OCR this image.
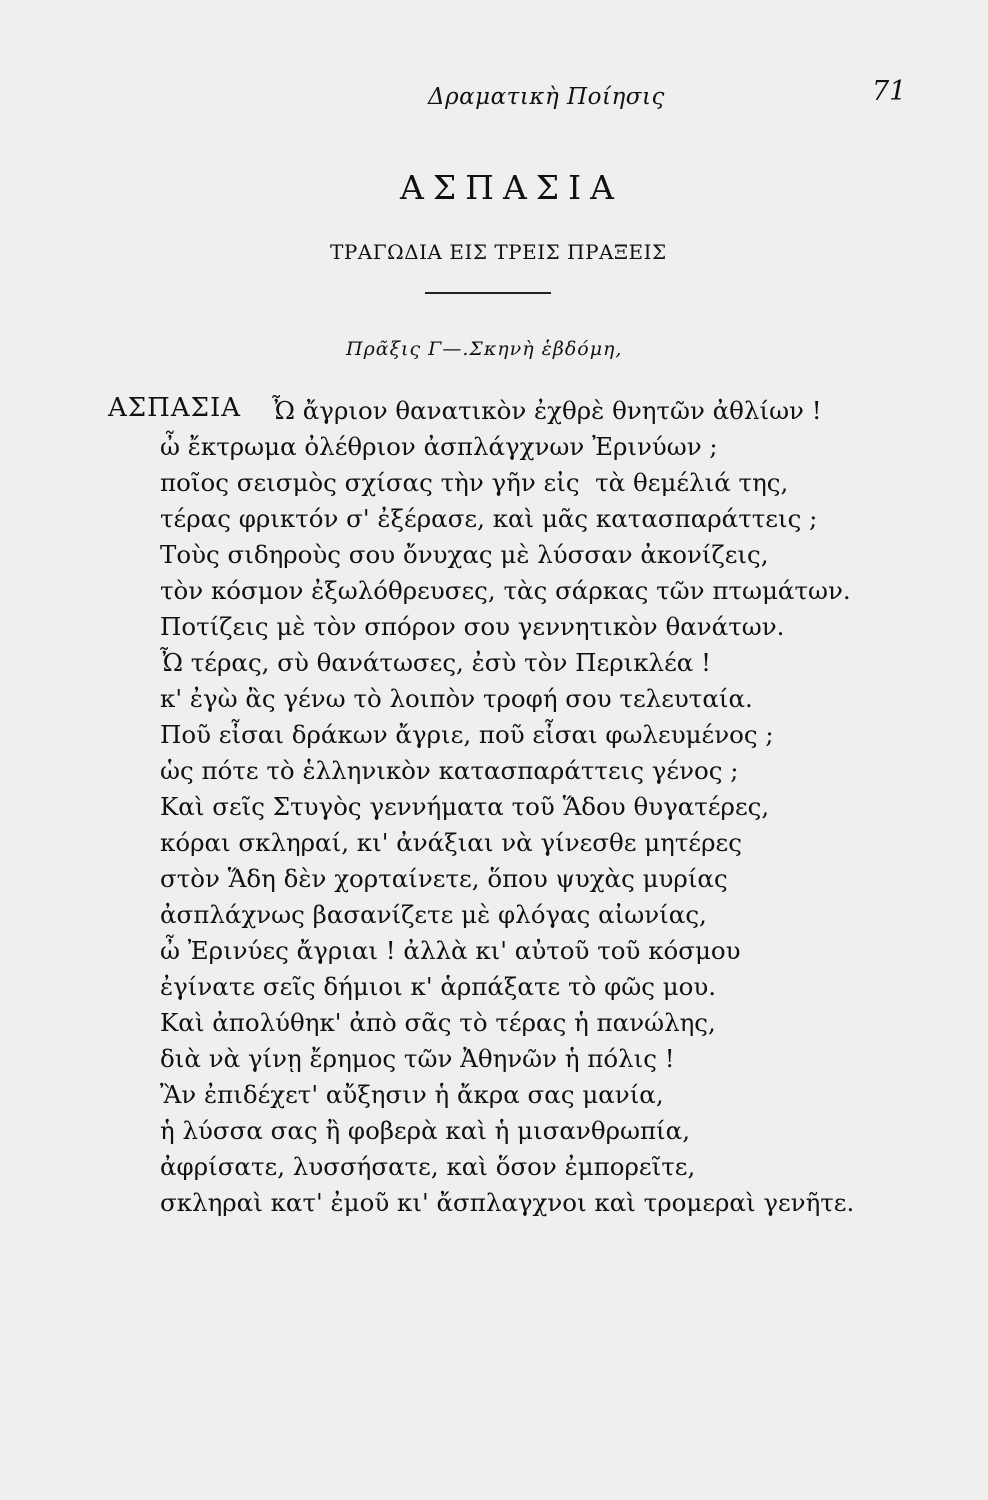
Δραματικὴ Ποίησις	71
ΑΣΠΑΣΙΑ
ΤΡΑΓΩΔΙΑ ΕΙΣ ΤΡΕΙΣ ΠΡΑΞΕΙΣ
Πρᾶξις Γ—.Σκηνὴ ἑβδόμη,
ΑΣΠΑΣΙΑ Ὦ ἄγριον θανατικὸν ἐχθρὲ θνητῶν ἀθλίων !
ὦ ἔκτρωμα ὀλέθριον ἀσπλάγχνων Ἐρινύων ;
ποῖος σεισμὸς σχίσας τὴν γῆν εἰς  τὰ θεμέλιά της,
τέρας φρικτόν σ' ἐξέρασε, καὶ μᾶς κατασπαράττεις ;
Τοὺς σιδηροὺς σου ὄνυχας μὲ λύσσαν ἀκονίζεις,
τὸν κόσμον ἐξωλόθρευσες, τὰς σάρκας τῶν πτωμάτων.
Ποτίζεις μὲ τὸν σπόρον σου γεννητικὸν θανάτων.
Ὦ τέρας, σὺ θανάτωσες, ἐσὺ τὸν Περικλέα !
κ' ἐγὼ ἂς γένω τὸ λοιπὸν τροφή σου τελευταία.
Ποῦ εἶσαι δράκων ἄγριε, ποῦ εἶσαι φωλευμένος ;
ὡς πότε τὸ ἑλληνικὸν κατασπαράττεις γένος ;
Καὶ σεῖς Στυγὸς γεννήματα τοῦ Ἅδου θυγατέρες,
κόραι σκληραί, κι' ἀνάξιαι νὰ γίνεσθε μητέρες
στὸν Ἅδη δὲν χορταίνετε, ὅπου ψυχὰς μυρίας
ἀσπλάχνως βασανίζετε μὲ φλόγας αἰωνίας,
ὦ Ἐρινύες ἄγριαι ! ἀλλὰ κι' αὐτοῦ τοῦ κόσμου
ἐγίνατε σεῖς δήμιοι κ' ἁρπάξατε τὸ φῶς μου.
Καὶ ἀπολύθηκ' ἀπὸ σᾶς τὸ τέρας ἡ πανώλης,
διὰ νὰ γίνῃ ἔρημος τῶν Ἀθηνῶν ἡ πόλις !
Ἂν ἐπιδέχετ' αὔξησιν ἡ ἄκρα σας μανία,
ἡ λύσσα σας ἢ φοβερὰ καὶ ἡ μισανθρωπία,
ἀφρίσατε, λυσσήσατε, καὶ ὅσον ἐμπορεῖτε,
σκληραὶ κατ' ἐμοῦ κι' ἄσπλαγχνοι καὶ τρομεραὶ γενῆτε.
